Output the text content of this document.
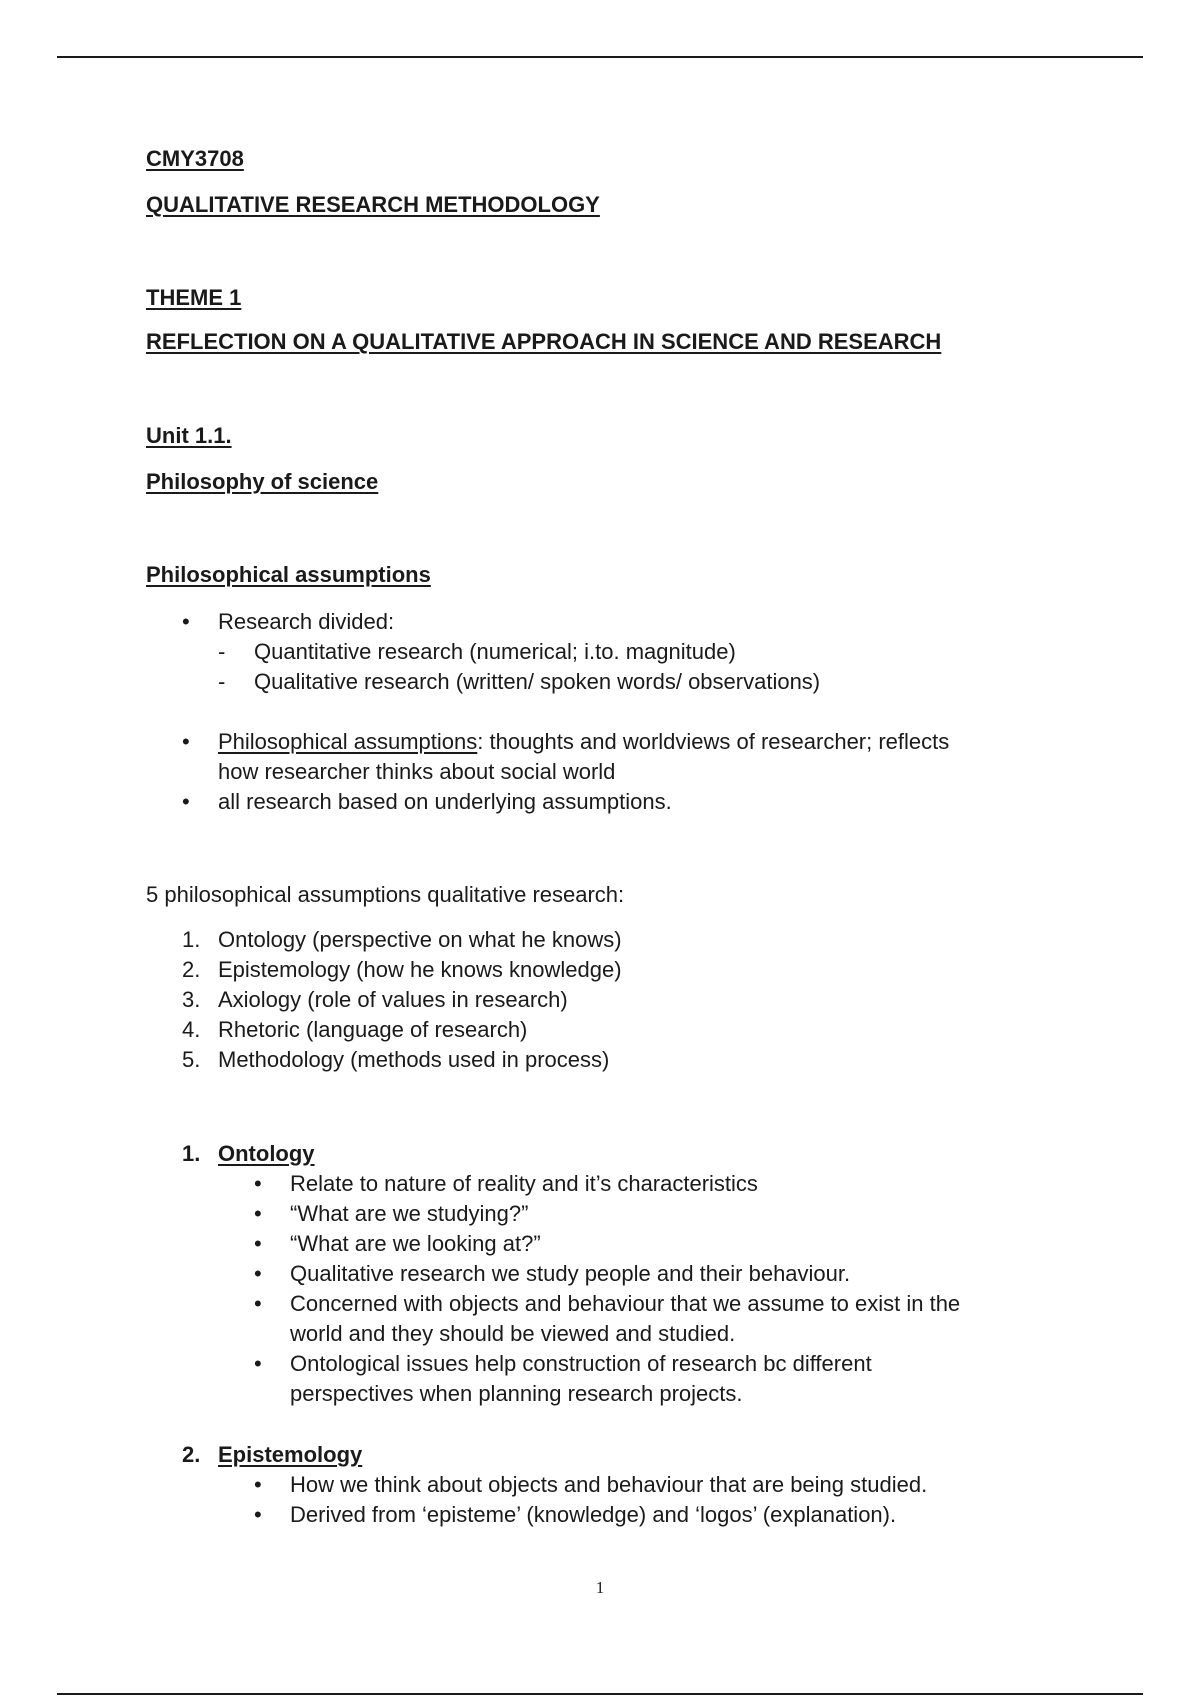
CMY3708
QUALITATIVE RESEARCH METHODOLOGY
THEME 1
REFLECTION ON A QUALITATIVE APPROACH IN SCIENCE AND RESEARCH
Unit 1.1.
Philosophy of science
Philosophical assumptions
• Research divided:
- Quantitative research (numerical; i.to. magnitude)
- Qualitative research (written/ spoken words/ observations)
• Philosophical assumptions: thoughts and worldviews of researcher; reflects
how researcher thinks about social world
• all research based on underlying assumptions.
5 philosophical assumptions qualitative research:
1. Ontology (perspective on what he knows)
2. Epistemology (how he knows knowledge)
3. Axiology (role of values in research)
4. Rhetoric (language of research)
5. Methodology (methods used in process)
1. Ontology
• Relate to nature of reality and it’s characteristics
• “What are we studying?”
• “What are we looking at?”
• Qualitative research we study people and their behaviour.
• Concerned with objects and behaviour that we assume to exist in the
world and they should be viewed and studied.
• Ontological issues help construction of research bc different
perspectives when planning research projects.
2. Epistemology
• How we think about objects and behaviour that are being studied.
• Derived from ‘episteme’ (knowledge) and ‘logos’ (explanation).
1
